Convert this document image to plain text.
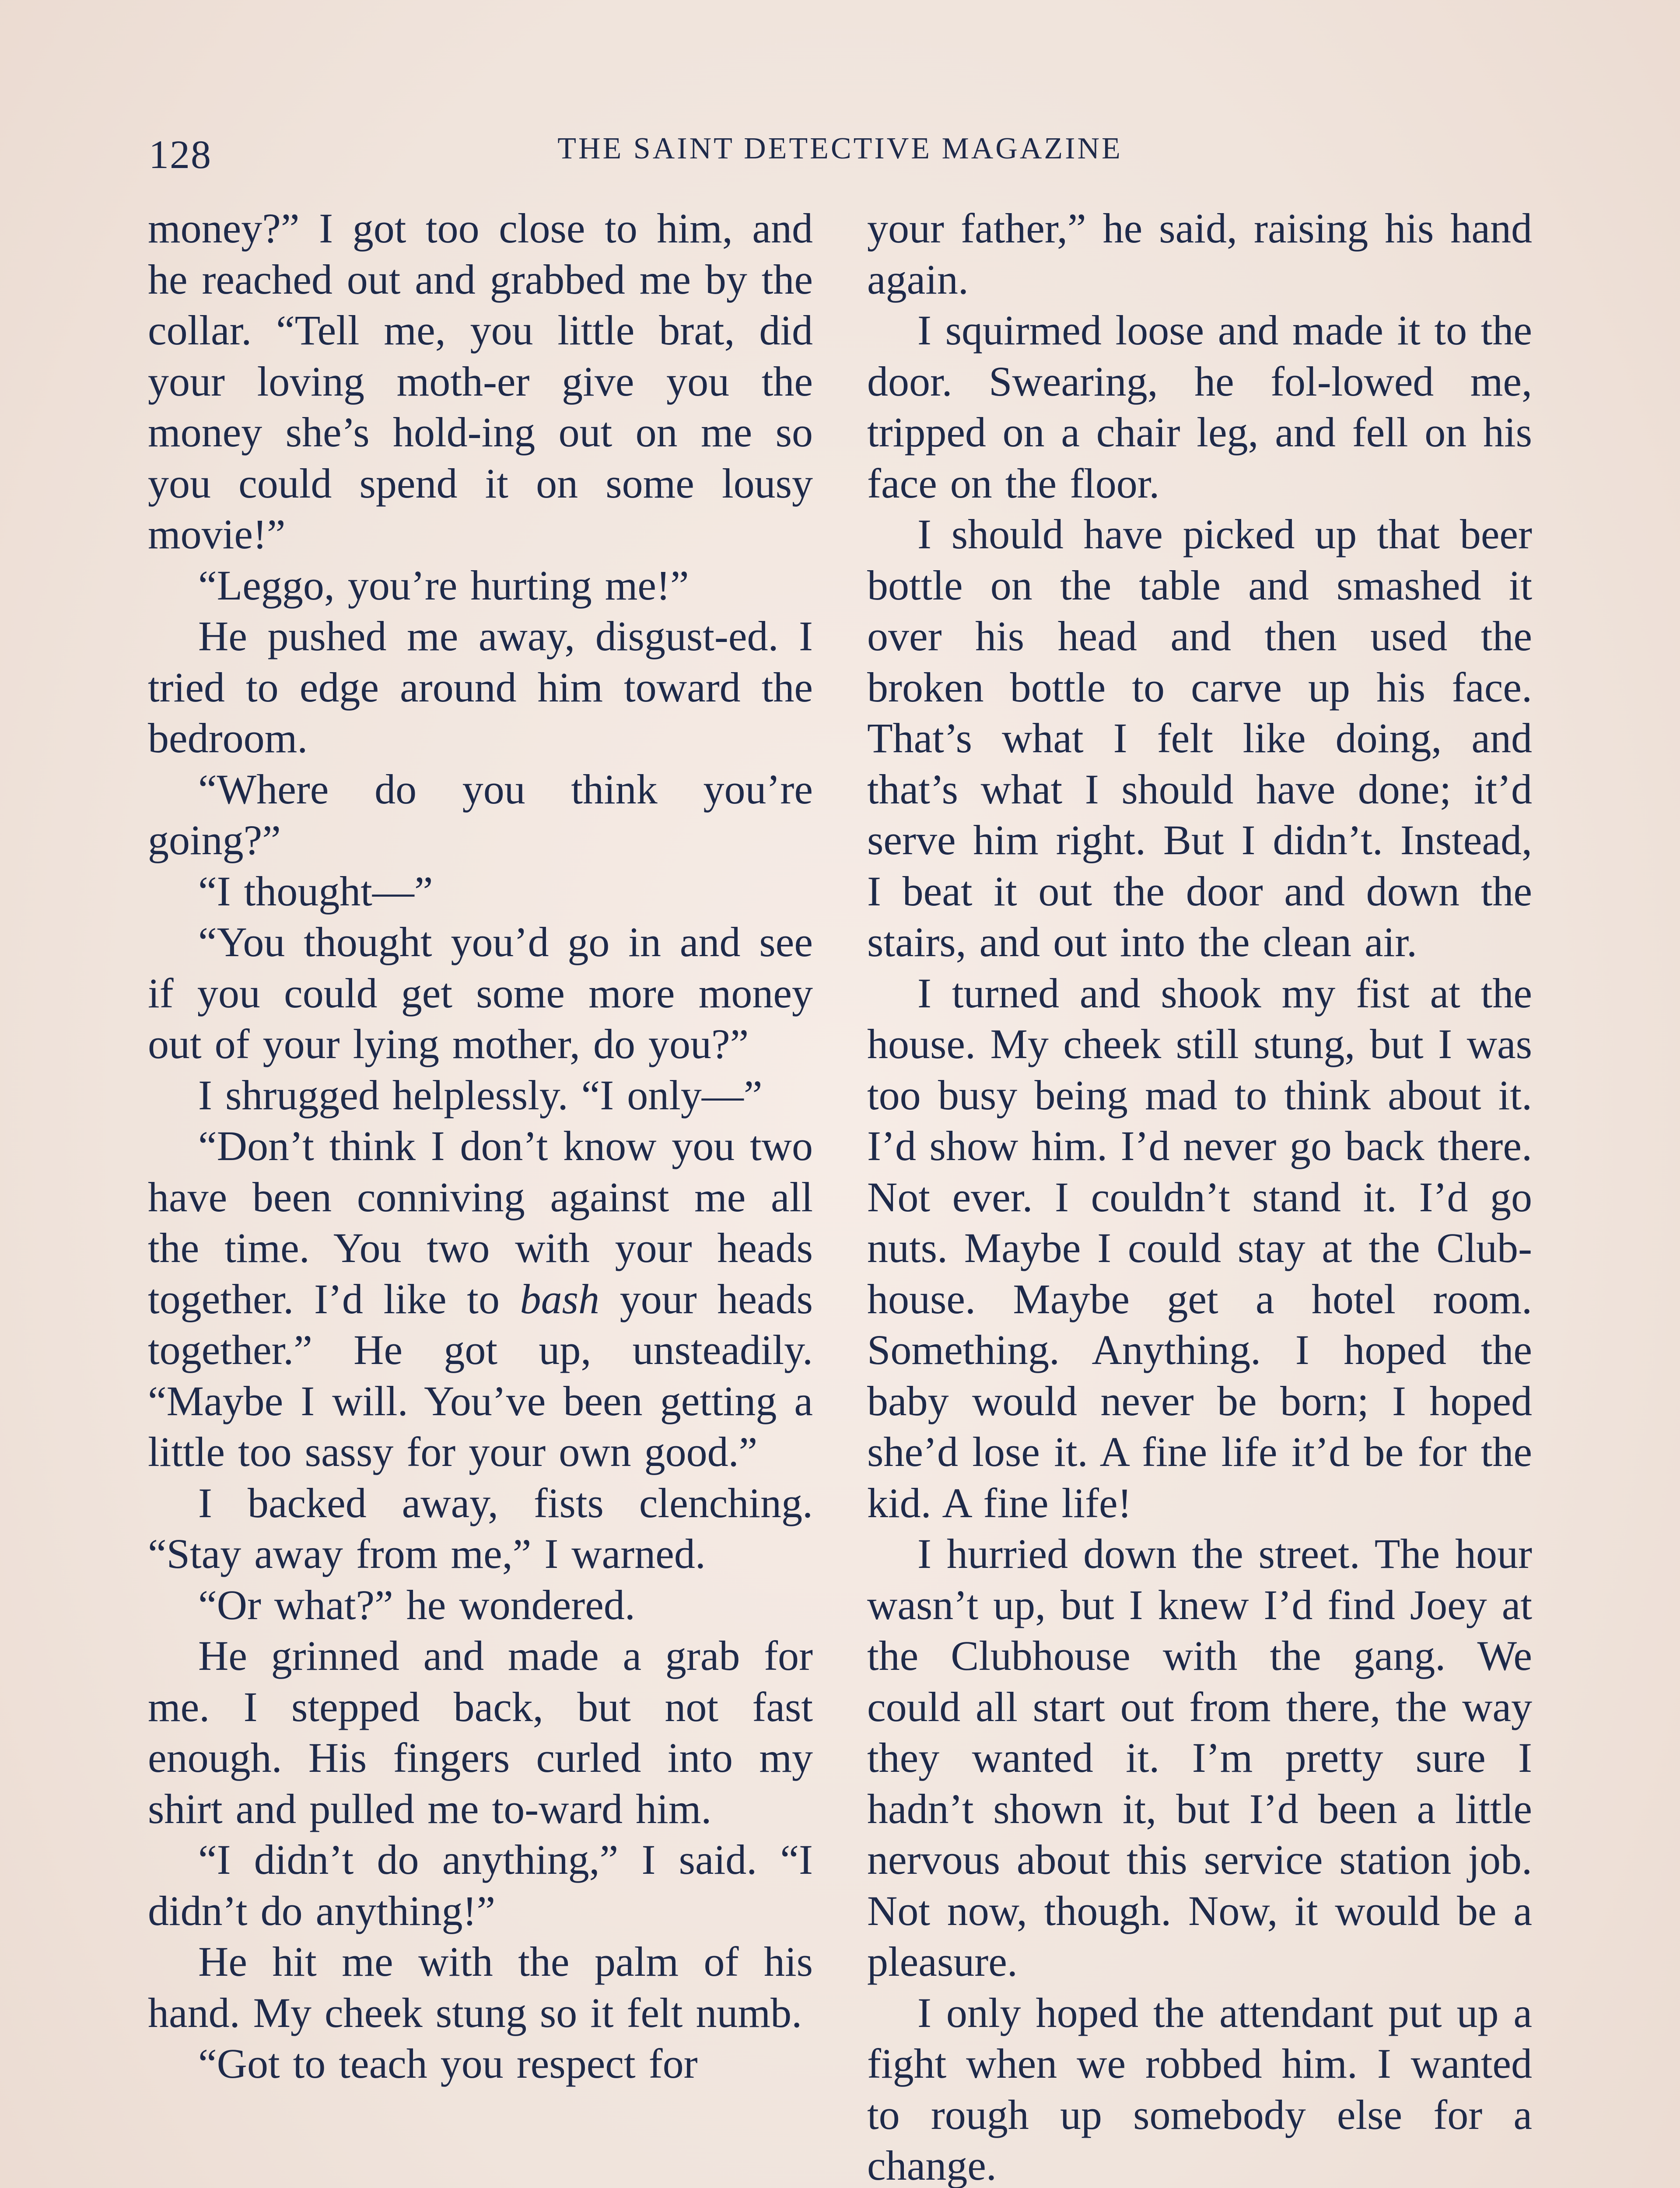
128	THE SAINT DETECTIVE MAGAZINE

money?” I got too close to him, and he reached out and grabbed me by the collar. “Tell me, you little brat, did your loving moth-er give you the money she’s hold-ing out on me so you could spend it on some lousy movie!”

“Leggo, you’re hurting me!”

He pushed me away, disgust-ed. I tried to edge around him toward the bedroom.

“Where do you think you’re going?”

“I thought—”

“You thought you’d go in and see if you could get some more money out of your lying mother, do you?”

I shrugged helplessly. “I only—”

“Don’t think I don’t know you two have been conniving against me all the time. You two with your heads together. I’d like to bash your heads together.” He got up, unsteadily. “Maybe I will. You’ve been getting a little too sassy for your own good.”

I backed away, fists clenching. “Stay away from me,” I warned.

“Or what?” he wondered.

He grinned and made a grab for me. I stepped back, but not fast enough. His fingers curled into my shirt and pulled me to-ward him.

“I didn’t do anything,” I said. “I didn’t do anything!”

He hit me with the palm of his hand. My cheek stung so it felt numb.

“Got to teach you respect for

your father,” he said, raising his hand again.

I squirmed loose and made it to the door. Swearing, he fol-lowed me, tripped on a chair leg, and fell on his face on the floor.

I should have picked up that beer bottle on the table and smashed it over his head and then used the broken bottle to carve up his face. That’s what I felt like doing, and that’s what I should have done; it’d serve him right. But I didn’t. Instead, I beat it out the door and down the stairs, and out into the clean air.

I turned and shook my fist at the house. My cheek still stung, but I was too busy being mad to think about it. I’d show him. I’d never go back there. Not ever. I couldn’t stand it. I’d go nuts. Maybe I could stay at the Club-house. Maybe get a hotel room. Something. Anything. I hoped the baby would never be born; I hoped she’d lose it. A fine life it’d be for the kid. A fine life!

I hurried down the street. The hour wasn’t up, but I knew I’d find Joey at the Clubhouse with the gang. We could all start out from there, the way they wanted it. I’m pretty sure I hadn’t shown it, but I’d been a little nervous about this service station job. Not now, though. Now, it would be a pleasure.

I only hoped the attendant put up a fight when we robbed him. I wanted to rough up somebody else for a change.
